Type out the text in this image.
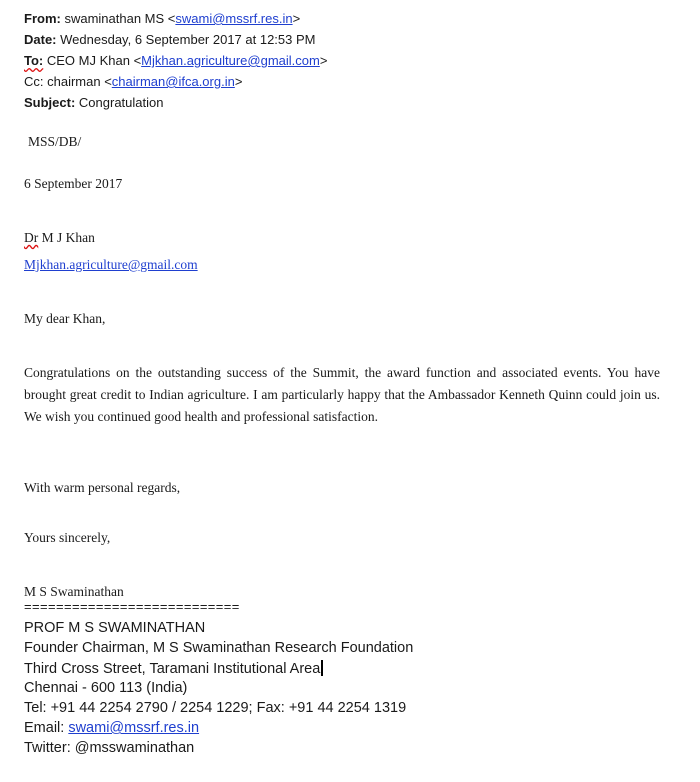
From: swaminathan MS <swami@mssrf.res.in>
Date: Wednesday, 6 September 2017 at 12:53 PM
To: CEO MJ Khan <Mjkhan.agriculture@gmail.com>
Cc: chairman <chairman@ifca.org.in>
Subject: Congratulation
MSS/DB/
6 September 2017
Dr M J Khan
Mjkhan.agriculture@gmail.com
My dear Khan,
Congratulations on the outstanding success of the Summit, the award function and associated events. You have brought great credit to Indian agriculture. I am particularly happy that the Ambassador Kenneth Quinn could join us. We wish you continued good health and professional satisfaction.
With warm personal regards,
Yours sincerely,
M S Swaminathan
===========================
PROF M S SWAMINATHAN
Founder Chairman, M S Swaminathan Research Foundation
Third Cross Street, Taramani Institutional Area
Chennai - 600 113 (India)
Tel: +91 44 2254 2790 / 2254 1229; Fax: +91 44 2254 1319
Email: swami@mssrf.res.in
Twitter: @msswaminathan
